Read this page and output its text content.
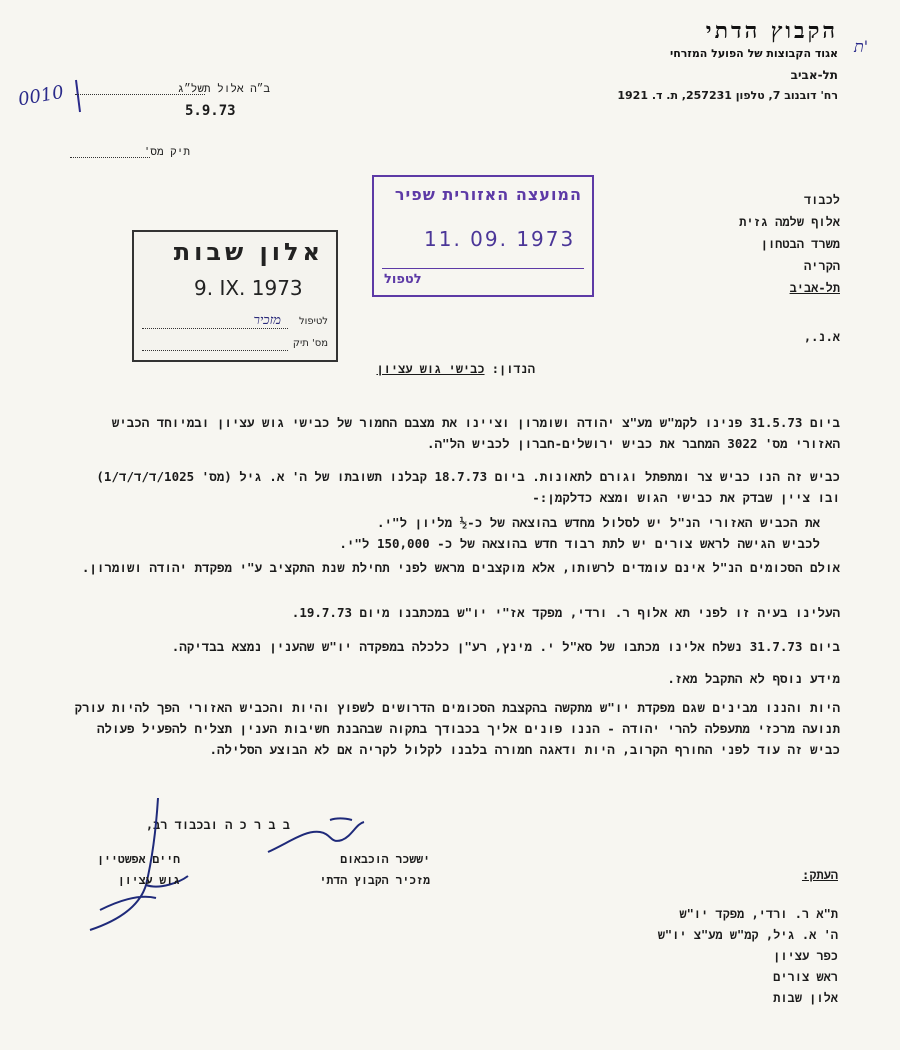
הקבוץ הדתי
אגוד הקבוצות של הפועל המזרחי
תל-אביב
רח' דובנוב 7, טלפון 257231, ת. ד. 1921
0010
ת'
ב״ה אלול תשל״ג
5.9.73
תיק מס'
המועצה האזורית שפיר
11. 09. 1973
לטפול
אלון שבות
9. IX. 1973
לטיפול
מזכיר
מס' תיק
לכבוד
אלוף שלמה גזית
משרד הבטחון
הקריה
תל-אביב
א.נ.,
הנדון: כבישי גוש עציון
ביום 31.5.73 פנינו לקמ"ש מע"צ יהודה ושומרון וציינו את מצבם החמור של כבישי גוש עציון ובמיוחד הכביש האזורי מס' 3022 המחבר את כביש ירושלים-חברון לכביש הל"ה.
כביש זה הנו כביש צר ומתפתל וגורם לתאונות. ביום 18.7.73 קבלנו תשובתו של ה' א. גיל (מס' 1025/ד/ד/ד/1) ובו ציין שבדק את כבישי הגוש ומצא כדלקמן:-
את הכביש האזורי הנ"ל יש לסלול מחדש בהוצאה של כ-½ מליון ל"י.
לכביש הגישה לראש צורים יש לתת רבוד חדש בהוצאה של כ- 150,000 ל"י.
אולם הסכומים הנ"ל אינם עומדים לרשותו, אלא מוקצבים מראש לפני תחילת שנת התקציב ע"י מפקדת יהודה ושומרון.
העלינו בעיה זו לפני תא אלוף ר. ורדי, מפקד אז"י יו"ש במכתבנו מיום 19.7.73.
ביום 31.7.73 נשלח אלינו מכתבו של סא"ל י. מינץ, רע"ן כלכלה במפקדה יו"ש שהענין נמצא בבדיקה.
מידע נוסף לא התקבל מאז.
היות והננו מבינים שגם מפקדת יו"ש מתקשה בהקצבת הסכומים הדרושים לשפוץ והיות והכביש האזורי הפך להיות עורק תנועה מרכזי מתעפלה להרי יהודה - הננו פונים אליך בכבודך בתקוה שבהבנת חשיבות הענין תצליח להפעיל פעולה כביש זה עוד לפני החורף הקרוב, היות ודאגה חמורה בלבנו לקלול לקריה אם לא הבוצע הסלילה.
ב ב ר כ ה ובכבוד רב,
חיים אפשטיין
גוש עציון
יששכר הוכבאום
מזכיר הקבוץ הדתי	העתק:
ת"א ר. ורדי, מפקד יו"ש
ה' א. גיל, קמ"ש מע"צ יו"ש
כפר עציון
ראש צורים
אלון שבות
